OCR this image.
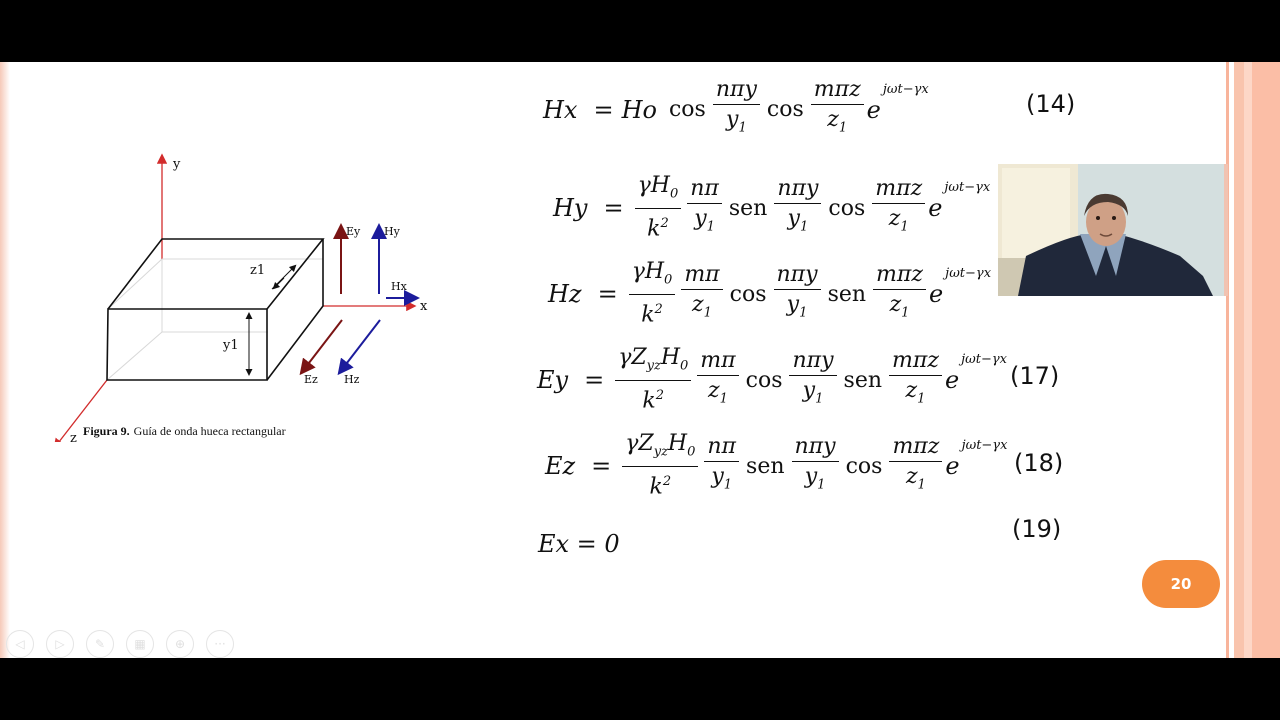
y
x
z
z1
y1
Ey Hy
Hx
Ez Hz
Figura 9. Guía de onda hueca rectangular
Hx = Ho $\cos \frac{\text{nπy}}{y_1}$ $\cos \frac{\text{mπz}}{z_1}$ e
jωt−γx
(14)
$Hy = \frac{\gamma H_0}{k^2} \frac{n\pi}{y_1}$ sen $\frac{\text{nπy}}{y_1}$ $\cos \frac{\text{mπz}}{z_1}$ e
jωt−γx
$Hz = \frac{\gamma H_0}{k^2} \frac{m\pi}{z_1}$ $\cos \frac{\text{nπy}}{y_1}$ sen $\frac{\text{mπz}}{z_1}$ e
jωt−γx
$Ey = \frac{\gamma Z_{yz}H_0}{k^2} \frac{m\pi}{z_1}$ $\cos \frac{\text{nπy}}{y_1}$ sen $\frac{\text{mπz}}{z_1}$ e
jωt−γx
(17)
$Ez = \frac{\gamma Z_{yz}H_0}{k^2} \frac{n\pi}{y_1}$ sen $\frac{\text{nπy}}{y_1}$ $\cos \frac{\text{mπz}}{z_1}$ e
jωt−γx
(18)
Ex = 0
(19)
20
◁	▷	✎	▦	⊕	···
